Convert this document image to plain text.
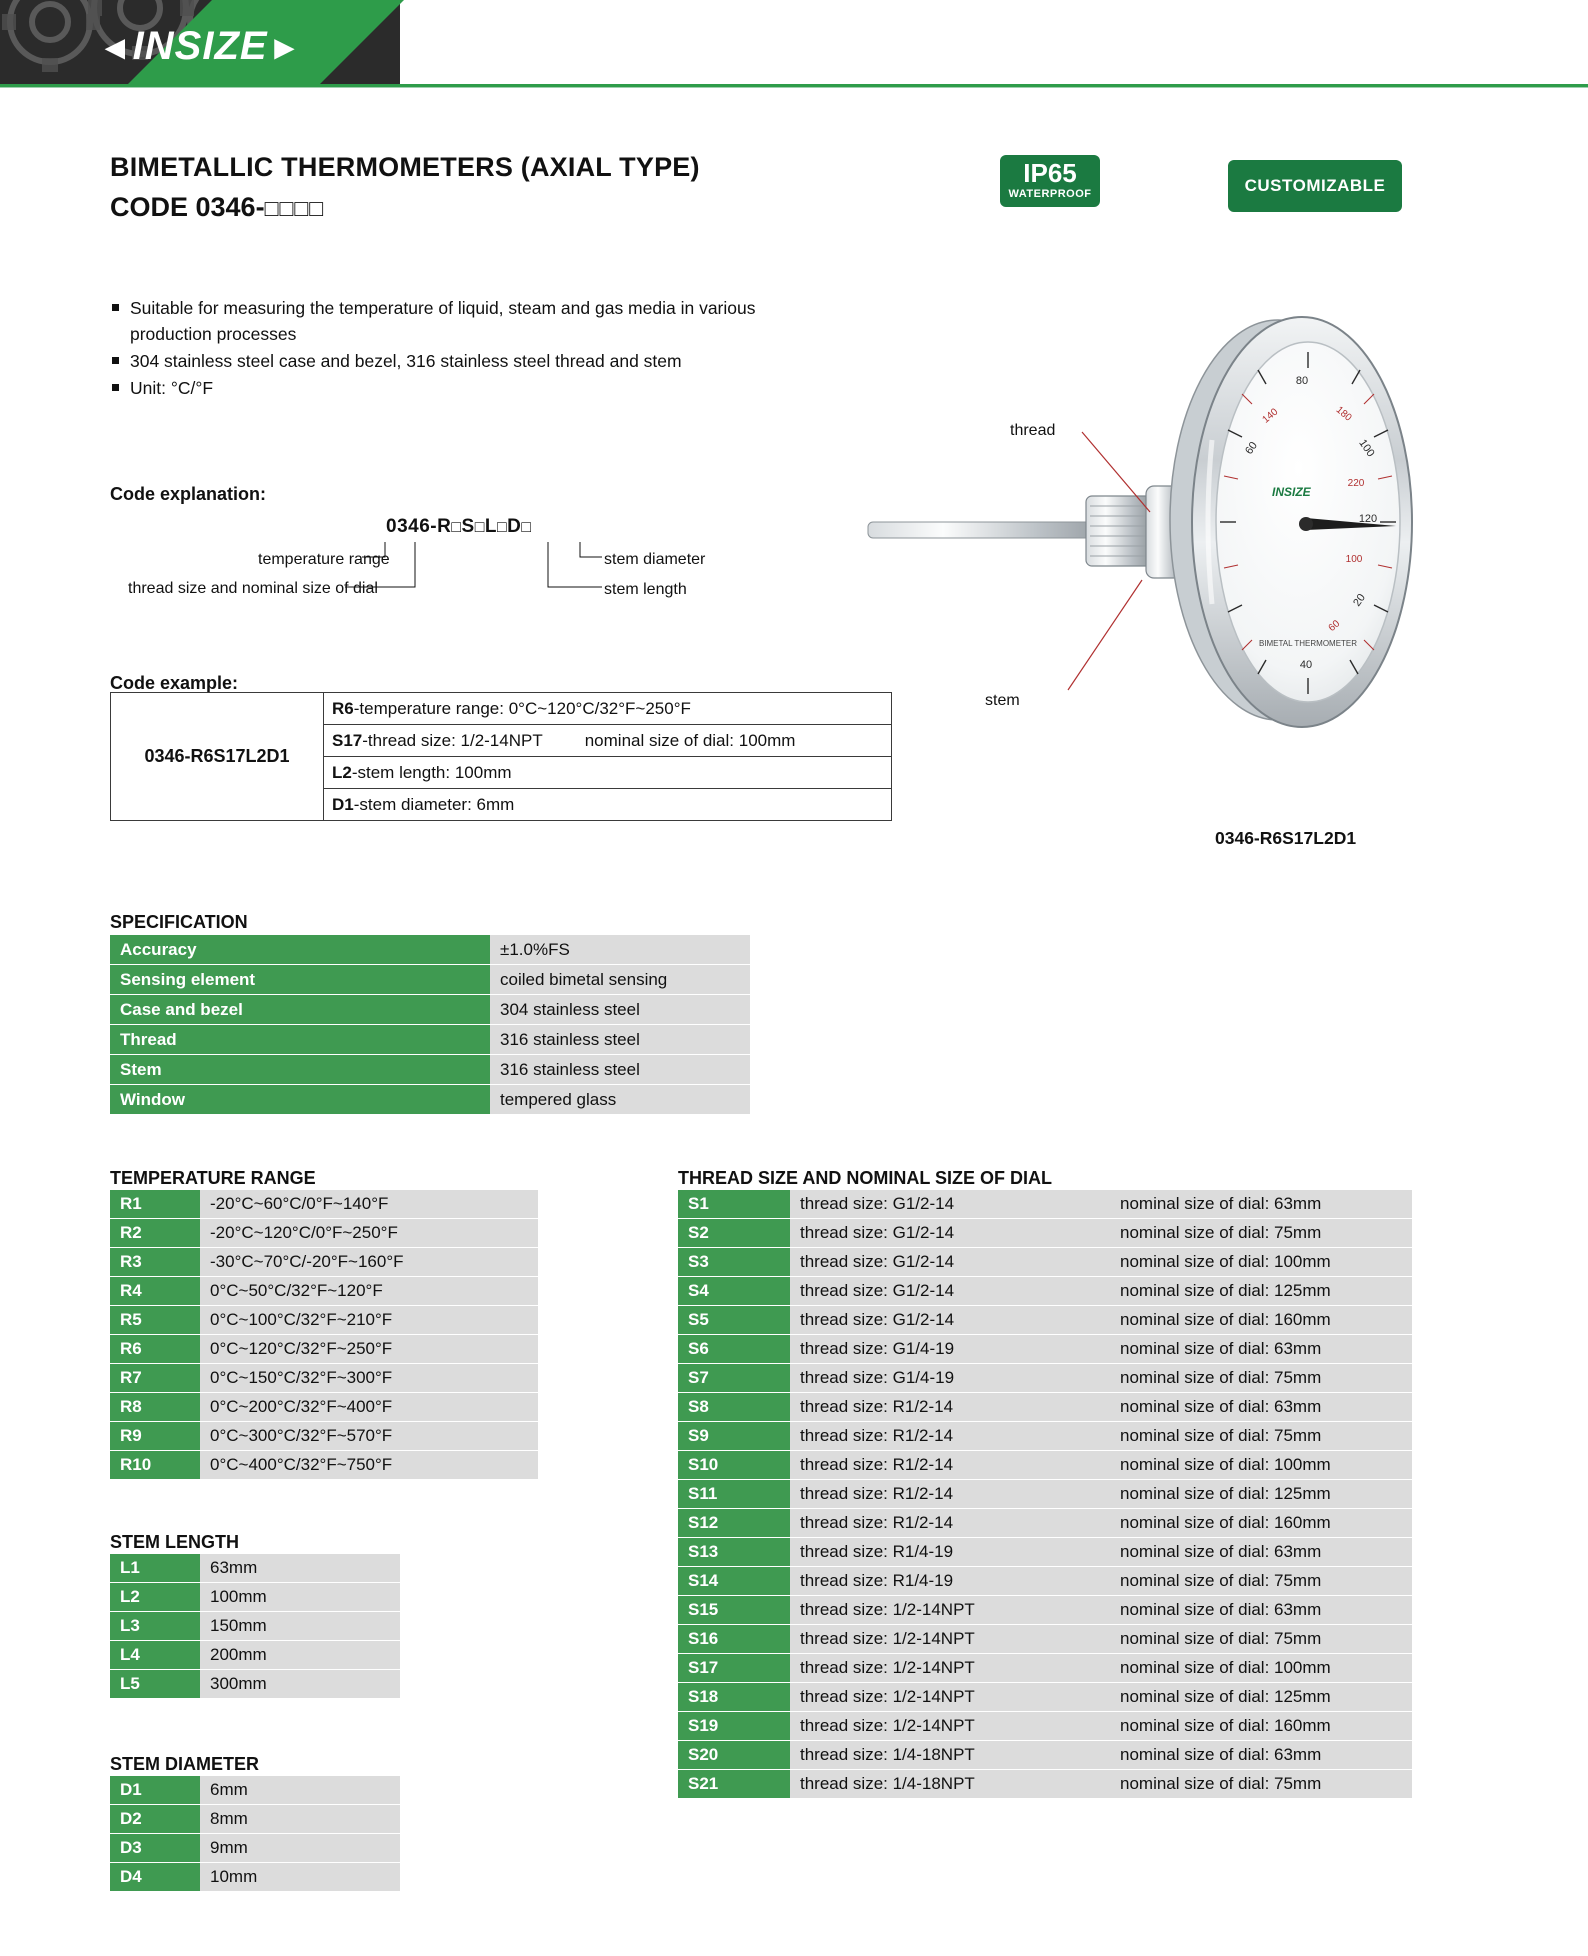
◄INSIZE►
BIMETALLIC THERMOMETERS (AXIAL TYPE)
CODE 0346-□□□□
IP65
WATERPROOF	CUSTOMIZABLE
Suitable for measuring the temperature of liquid, steam and gas media in various production processes
304 stainless steel case and bezel, 316 stainless steel thread and stem
Unit: °C/°F
Code explanation:
0346-R□S□L□D□
temperature range
thread size and nominal size of dial
stem diameter
stem length
Code example:
0346-R6S17L2D1	R6-temperature range: 0°C~120°C/32°F~250°F
S17-thread size: 1/2-14NPT nominal size of dial: 100mm
L2-stem length: 100mm
D1-stem diameter: 6mm
80
100
120
20
40
60
180
220
100
60
140
INSIZE
BIMETAL THERMOMETER
thread
stem
0346-R6S17L2D1
SPECIFICATION
Accuracy	±1.0%FS
Sensing element	coiled bimetal sensing
Case and bezel	304 stainless steel
Thread	316 stainless steel
Stem	316 stainless steel
Window	tempered glass
TEMPERATURE RANGE
R1	-20°C~60°C/0°F~140°F
R2	-20°C~120°C/0°F~250°F
R3	-30°C~70°C/-20°F~160°F
R4	0°C~50°C/32°F~120°F
R5	0°C~100°C/32°F~210°F
R6	0°C~120°C/32°F~250°F
R7	0°C~150°C/32°F~300°F
R8	0°C~200°C/32°F~400°F
R9	0°C~300°C/32°F~570°F
R10	0°C~400°C/32°F~750°F
STEM LENGTH
L1	63mm
L2	100mm
L3	150mm
L4	200mm
L5	300mm
STEM DIAMETER
D1	6mm
D2	8mm
D3	9mm
D4	10mm
THREAD SIZE AND NOMINAL SIZE OF DIAL
S1	thread size: G1/2-14	nominal size of dial: 63mm
S2	thread size: G1/2-14	nominal size of dial: 75mm
S3	thread size: G1/2-14	nominal size of dial: 100mm
S4	thread size: G1/2-14	nominal size of dial: 125mm
S5	thread size: G1/2-14	nominal size of dial: 160mm
S6	thread size: G1/4-19	nominal size of dial: 63mm
S7	thread size: G1/4-19	nominal size of dial: 75mm
S8	thread size: R1/2-14	nominal size of dial: 63mm
S9	thread size: R1/2-14	nominal size of dial: 75mm
S10	thread size: R1/2-14	nominal size of dial: 100mm
S11	thread size: R1/2-14	nominal size of dial: 125mm
S12	thread size: R1/2-14	nominal size of dial: 160mm
S13	thread size: R1/4-19	nominal size of dial: 63mm
S14	thread size: R1/4-19	nominal size of dial: 75mm
S15	thread size: 1/2-14NPT	nominal size of dial: 63mm
S16	thread size: 1/2-14NPT	nominal size of dial: 75mm
S17	thread size: 1/2-14NPT	nominal size of dial: 100mm
S18	thread size: 1/2-14NPT	nominal size of dial: 125mm
S19	thread size: 1/2-14NPT	nominal size of dial: 160mm
S20	thread size: 1/4-18NPT	nominal size of dial: 63mm
S21	thread size: 1/4-18NPT	nominal size of dial: 75mm
